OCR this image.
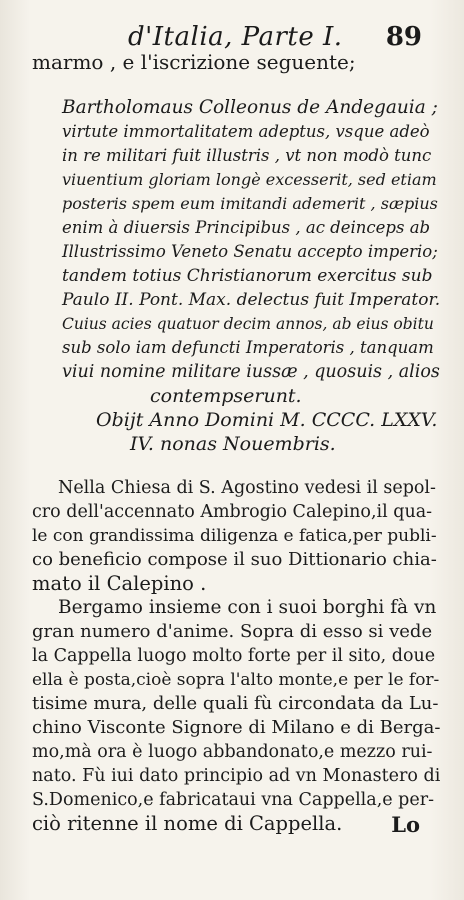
d'Italia, Parte I. 89
marmo , e l'iscrizione seguente;
Bartholomaus Colleonus de Andegauia ;
virtute immortalitatem adeptus, vsque adeò
in re militari fuit illustris , vt non modò tunc
viuentium gloriam longè excesserit, sed etiam
posteris spem eum imitandi ademerit , sæpius
enim à diuersis Principibus , ac deinceps ab
Illustrissimo Veneto Senatu accepto imperio;
tandem totius Christianorum exercitus sub
Paulo II. Pont. Max. delectus fuit Imperator.
Cuius acies quatuor decim annos, ab eius obitu
sub solo iam defuncti Imperatoris , tanquam
viui nomine militare iussæ , quosuis , alios
contempserunt.
Obijt Anno Domini M. CCCC. LXXV.
IV. nonas Nouembris.
Nella Chiesa di S. Agostino vedesi il sepol-
cro dell'accennato Ambrogio Calepino,il qua-
le con grandissima diligenza e fatica,per publi-
co beneficio compose il suo Dittionario chia-
mato il Calepino .
Bergamo insieme con i suoi borghi fà vn
gran numero d'anime. Sopra di esso si vede
la Cappella luogo molto forte per il sito, doue
ella è posta,cioè sopra l'alto monte,e per le for-
tisime mura, delle quali fù circondata da Lu-
chino Visconte Signore di Milano e di Berga-
mo,mà ora è luogo abbandonato,e mezzo rui-
nato. Fù iui dato principio ad vn Monastero di
S.Domenico,e fabricataui vna Cappella,e per-
ciò ritenne il nome di Cappella. Lo
